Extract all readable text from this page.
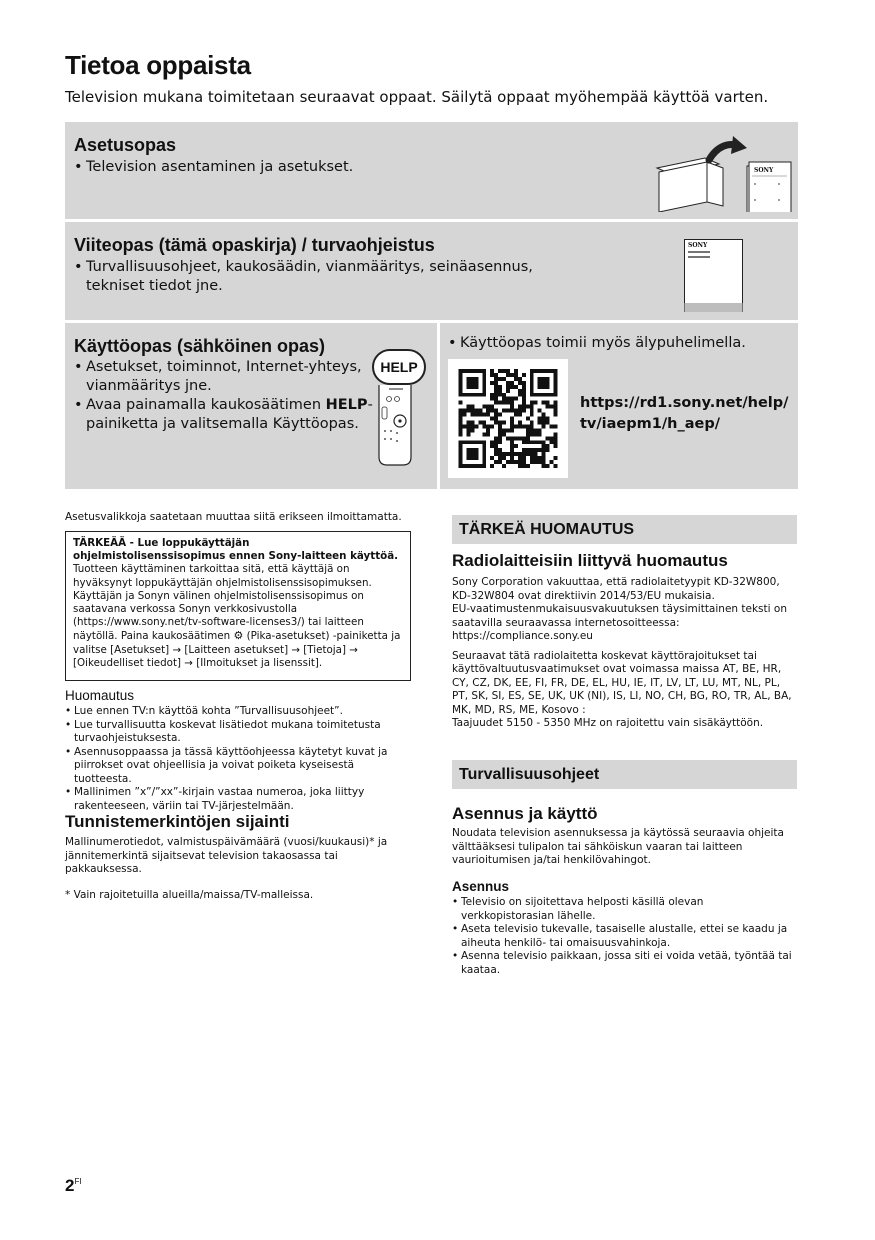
Tietoa oppaista
Television mukana toimitetaan seuraavat oppaat. Säilytä oppaat myöhempää käyttöä varten.
Asetusopas
• Television asentaminen ja asetukset.	SONY
Viiteopas (tämä opaskirja) / turvaohjeistus
• Turvallisuusohjeet, kaukosäädin, vianmääritys, seinäasennus,
tekniset tiedot jne.
SONY
Käyttöopas (sähköinen opas)
• Asetukset, toiminnot, Internet-yhteys,
vianmääritys jne.
• Avaa painamalla kaukosäätimen HELP-
painiketta ja valitsemalla Käyttöopas.
HELP
• Käyttöopas toimii myös älypuhelimella.
https://rd1.sony.net/help/
tv/iaepm1/h_aep/
Asetusvalikkoja saatetaan muuttaa siitä erikseen ilmoittamatta.

TÄRKEÄÄ - Lue loppukäyttäjän ohjelmistolisenssisopimus ennen Sony-laitteen käyttöä. Tuotteen käyttäminen tarkoittaa sitä, että käyttäjä on hyväksynyt loppukäyttäjän ohjelmistolisenssisopimuksen. Käyttäjän ja Sonyn välinen ohjelmistolisenssisopimus on saatavana verkossa Sonyn verkkosivustolla (https://www.sony.net/tv-software-licenses3/) tai laitteen näytöllä. Paina kaukosäätimen ⚙ (Pika-asetukset) -painiketta ja valitse [Asetukset] → [Laitteen asetukset] → [Tietoja] → [Oikeudelliset tiedot] → [Ilmoitukset ja lisenssit].

Huomautus
• Lue ennen TV:n käyttöä kohta ”Turvallisuusohjeet”.
• Lue turvallisuutta koskevat lisätiedot mukana toimitetusta turvaohjeistuksesta.
• Asennusoppaassa ja tässä käyttöohjeessa käytetyt kuvat ja piirrokset ovat ohjeellisia ja voivat poiketa kyseisestä tuotteesta.
• Mallinimen ”x”/”xx”-kirjain vastaa numeroa, joka liittyy rakenteeseen, väriin tai TV-järjestelmään.
Tunnistemerkintöjen sijainti
Mallinumerotiedot, valmistuspäivämäärä (vuosi/kuukausi)* ja jännitemerkintä sijaitsevat television takaosassa tai pakkauksessa.
* Vain rajoitetuilla alueilla/maissa/TV-malleissa.
TÄRKEÄ HUOMAUTUS
Radiolaitteisiin liittyvä huomautus

Sony Corporation vakuuttaa, että radiolaitetyypit KD-32W800, KD-32W804 ovat direktiivin 2014/53/EU mukaisia.

EU-vaatimustenmukaisuusvakuutuksen täysimittainen teksti on saatavilla seuraavassa internetosoitteessa:

https://compliance.sony.eu

Seuraavat tätä radiolaitetta koskevat käyttörajoitukset tai käyttövaltuutusvaatimukset ovat voimassa maissa AT, BE, HR, CY, CZ, DK, EE, FI, FR, DE, EL, HU, IE, IT, LV, LT, LU, MT, NL, PL, PT, SK, SI, ES, SE, UK, UK (NI), IS, LI, NO, CH, BG, RO, TR, AL, BA, MK, MD, RS, ME, Kosovo :

Taajuudet 5150 - 5350 MHz on rajoitettu vain sisäkäyttöön.

Turvallisuusohjeet
Asennus ja käyttö
Noudata television asennuksessa ja käytössä seuraavia ohjeita välttääksesi tulipalon tai sähköiskun vaaran tai laitteen vaurioitumisen ja/tai henkilövahingot.
Asennus
• Televisio on sijoitettava helposti käsillä olevan verkkopistorasian lähelle.
• Aseta televisio tukevalle, tasaiselle alustalle, ettei se kaadu ja aiheuta henkilö- tai omaisuusvahinkoja.
• Asenna televisio paikkaan, jossa siti ei voida vetää, työntää tai kaataa.
$2^{FI}$
